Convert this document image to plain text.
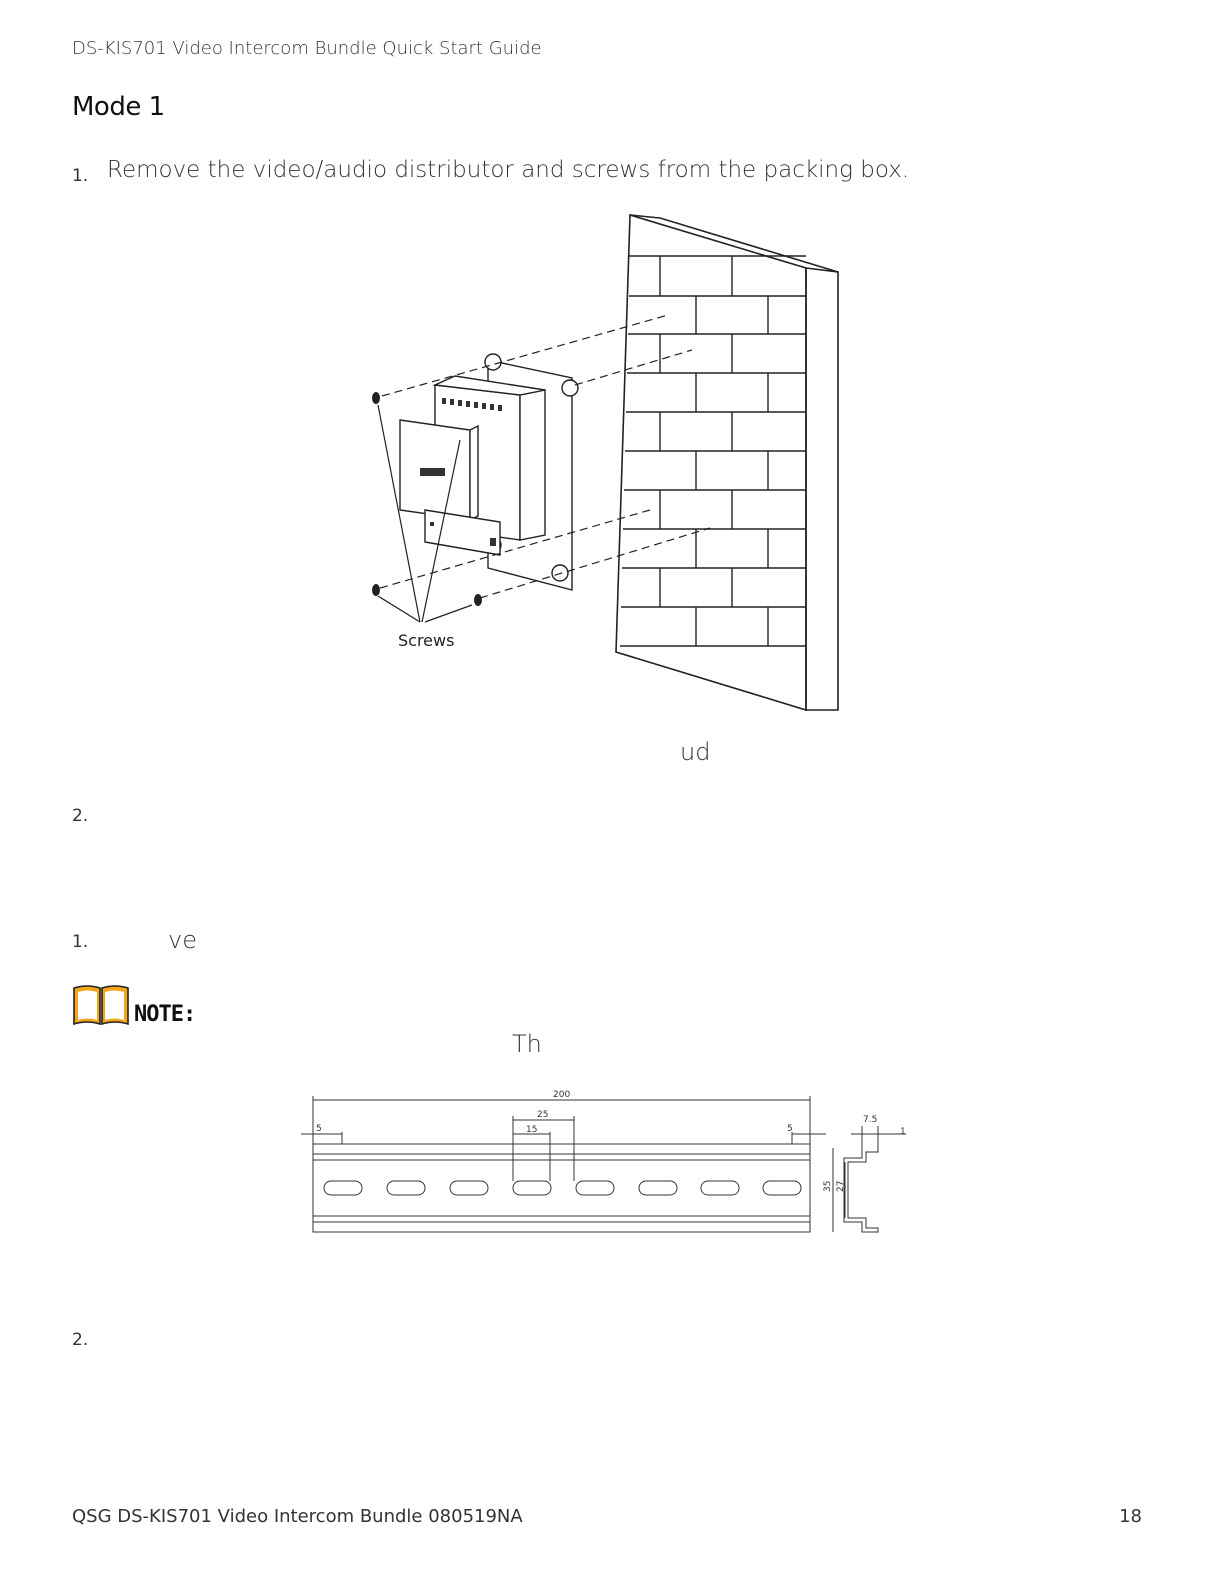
DS-KIS701 Video Intercom Bundle Quick Start Guide
Mode 1
1. Remove the video/audio distributor and screws from the packing box.
Screws
ud
2.
1.	ve
NOTE:
Th
200
25
15
5	5
7.5
1
35 27
2.
QSG DS-KIS701 Video Intercom Bundle 080519NA	18
